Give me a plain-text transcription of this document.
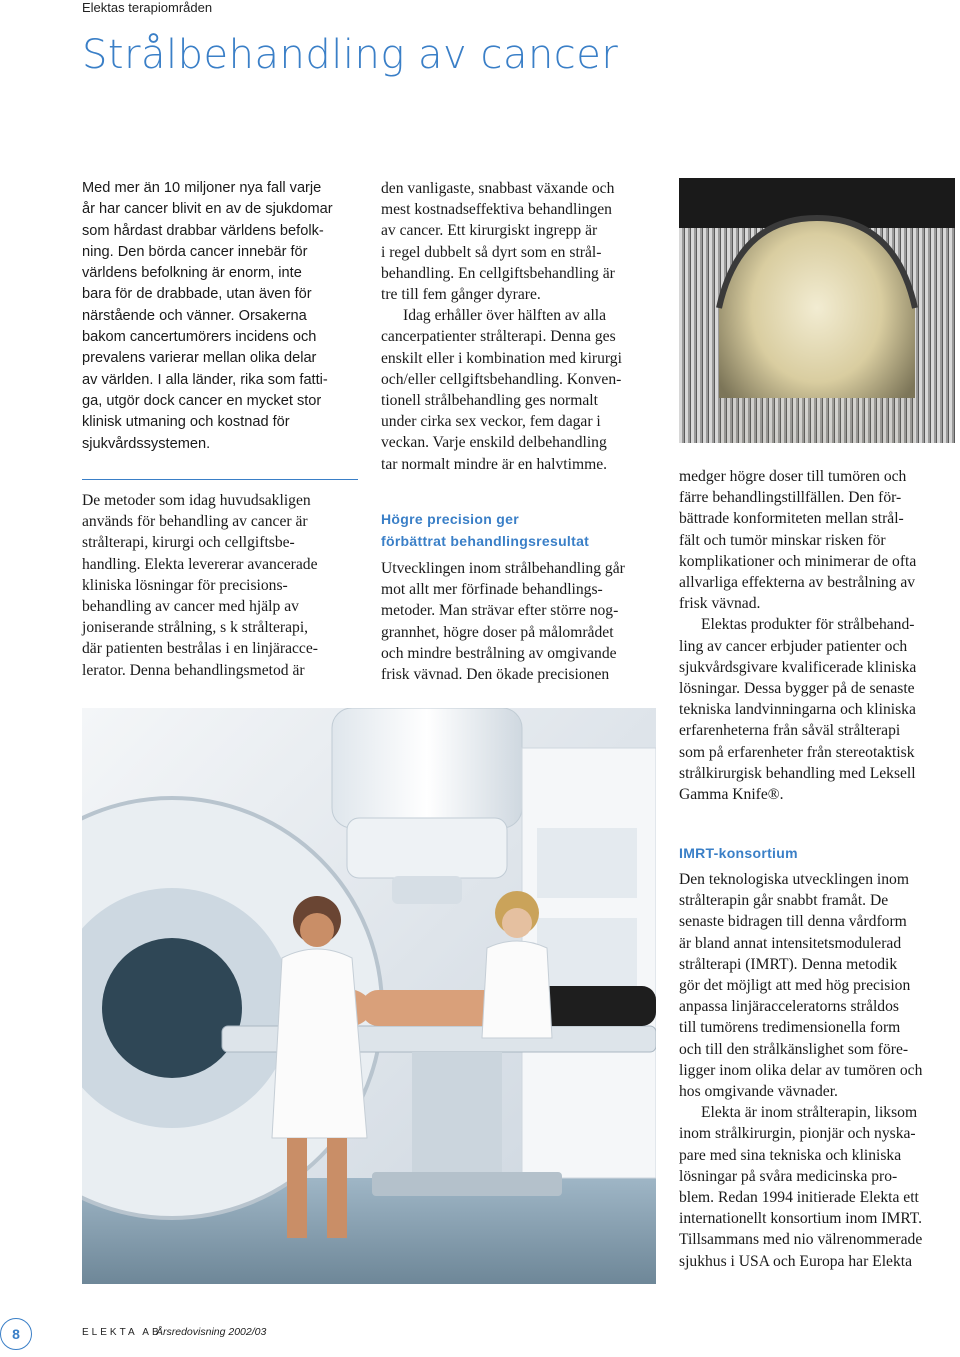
Elektas terapiområden
Strålbehandling av cancer
Med mer än 10 miljoner nya fall varje
år har cancer blivit en av de sjukdomar
som hårdast drabbar världens befolk-
ning. Den börda cancer innebär för
världens befolkning är enorm, inte
bara för de drabbade, utan även för
närstående och vänner. Orsakerna
bakom cancertumörers incidens och
prevalens varierar mellan olika delar
av världen. I alla länder, rika som fatti-
ga, utgör dock cancer en mycket stor
klinisk utmaning och kostnad för
sjukvårdssystemen.
De metoder som idag huvudsakligen
används för behandling av cancer är
strålterapi, kirurgi och cellgiftsbe-
handling. Elekta levererar avancerade
kliniska lösningar för precisions-
behandling av cancer med hjälp av
joniserande strålning, s k strålterapi,
där patienten bestrålas i en linjäracce-
lerator. Denna behandlingsmetod är
den vanligaste, snabbast växande och
mest kostnadseffektiva behandlingen
av cancer. Ett kirurgiskt ingrepp är
i regel dubbelt så dyrt som en strål-
behandling. En cellgiftsbehandling är
tre till fem gånger dyrare.
Idag erhåller över hälften av alla
cancerpatienter strålterapi. Denna ges
enskilt eller i kombination med kirurgi
och/eller cellgiftsbehandling. Konven-
tionell strålbehandling ges normalt
under cirka sex veckor, fem dagar i
veckan. Varje enskild delbehandling
tar normalt mindre är en halvtimme.
Högre precision ger
förbättrat behandlingsresultat
Utvecklingen inom strålbehandling går
mot allt mer förfinade behandlings-
metoder. Man strävar efter större nog-
grannhet, högre doser på målområdet
och mindre bestrålning av omgivande
frisk vävnad. Den ökade precisionen
medger högre doser till tumören och
färre behandlingstillfällen. Den för-
bättrade konformiteten mellan strål-
fält och tumör minskar risken för
komplikationer och minimerar de ofta
allvarliga effekterna av bestrålning av
frisk vävnad.
Elektas produkter för strålbehand-
ling av cancer erbjuder patienter och
sjukvårdsgivare kvalificerade kliniska
lösningar. Dessa bygger på de senaste
tekniska landvinningarna och kliniska
erfarenheterna från såväl strålterapi
som på erfarenheter från stereotaktisk
strålkirurgisk behandling med Leksell
Gamma Knife®.
IMRT-konsortium
Den teknologiska utvecklingen inom
strålterapin går snabbt framåt. De
senaste bidragen till denna vårdform
är bland annat intensitetsmodulerad
strålterapi (IMRT). Denna metodik
gör det möjligt att med hög precision
anpassa linjäracceleratorns stråldos
till tumörens tredimensionella form
och till den strålkänslighet som före-
ligger inom olika delar av tumören och
hos omgivande vävnader.
Elekta är inom strålterapin, liksom
inom strålkirurgin, pionjär och nyska-
pare med sina tekniska och kliniska
lösningar på svåra medicinska pro-
blem. Redan 1994 initierade Elekta ett
internationellt konsortium inom IMRT.
Tillsammans med nio välrenommerade
sjukhus i USA och Europa har Elekta
8	ELEKTA AB
Årsredovisning 2002/03
